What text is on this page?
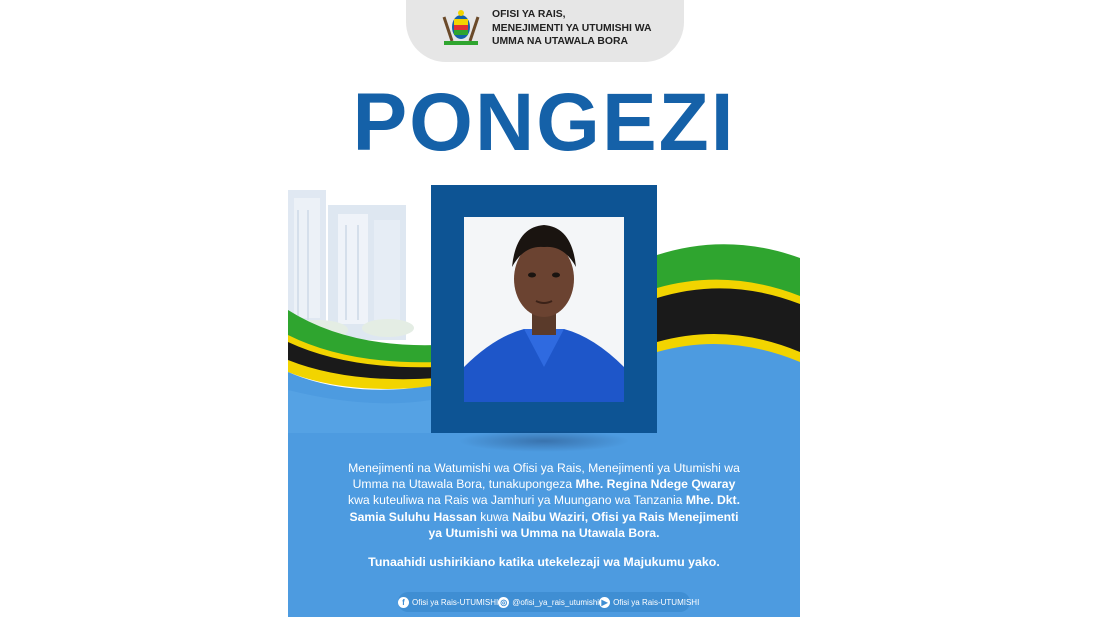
OFISI YA RAIS,
MENEJIMENTI YA UTUMISHI WA
UMMA NA UTAWALA BORA
PONGEZI
Menejimenti na Watumishi wa Ofisi ya Rais, Menejimenti ya Utumishi wa Umma na Utawala Bora, tunakupongeza Mhe. Regina Ndege Qwaray kwa kuteuliwa na Rais wa Jamhuri ya Muungano wa Tanzania Mhe. Dkt. Samia Suluhu Hassan kuwa Naibu Waziri, Ofisi ya Rais Menejimenti ya Utumishi wa Umma na Utawala Bora.
Tunaahidi ushirikiano katika utekelezaji wa Majukumu yako.
f Ofisi ya Rais-UTUMISHI ◎ @ofisi_ya_rais_utumishi ▶ Ofisi ya Rais-UTUMISHI
